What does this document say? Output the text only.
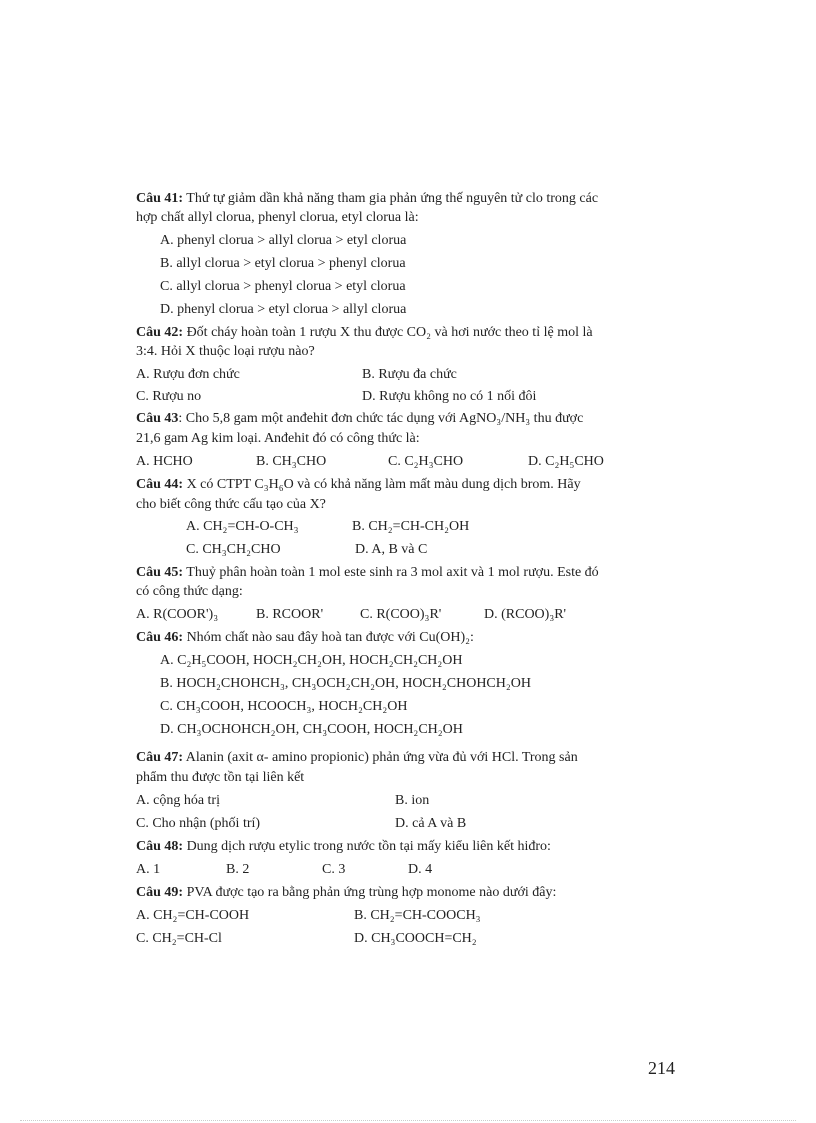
Câu 41: Thứ tự giảm dần khả năng tham gia phản ứng thế nguyên tử clo trong các
hợp chất allyl clorua, phenyl clorua, etyl clorua là:
A. phenyl clorua > allyl clorua > etyl clorua
B. allyl clorua > etyl clorua > phenyl clorua
C. allyl clorua > phenyl clorua > etyl clorua
D. phenyl clorua > etyl clorua > allyl clorua
Câu 42: Đốt cháy hoàn toàn 1 rượu X thu được CO₂ và hơi nước theo tỉ lệ mol là
3:4. Hỏi X thuộc loại rượu nào?
A. Rượu đơn chức	B. Rượu đa chức
C. Rượu no	D. Rượu không no có 1 nối đôi
Câu 43: Cho 5,8 gam một anđehit đơn chức tác dụng với AgNO₃/NH₃ thu được
21,6 gam Ag kim loại. Anđehit đó có công thức là:
A. HCHO	B. CH₃CHO	C. C₂H₃CHO	D. C₂H₅CHO
Câu 44: X có CTPT C₃H₆O và có khả năng làm mất màu dung dịch brom. Hãy
cho biết công thức cấu tạo của X?
A. CH₂=CH-O-CH₃	B. CH₂=CH-CH₂OH
C. CH₃CH₂CHO	D. A, B và C
Câu 45: Thuỷ phân hoàn toàn 1 mol este sinh ra 3 mol axit và 1 mol rượu. Este đó
có công thức dạng:
A. R(COOR')₃	B. RCOOR'	C. R(COO)₃R'	D. (RCOO)₃R'
Câu 46: Nhóm chất nào sau đây hoà tan được với Cu(OH)₂:
A. C₂H₅COOH, HOCH₂CH₂OH, HOCH₂CH₂CH₂OH
B. HOCH₂CHOHCH₃, CH₃OCH₂CH₂OH, HOCH₂CHOHCH₂OH
C. CH₃COOH, HCOOCH₃, HOCH₂CH₂OH
D. CH₃OCHOHCH₂OH, CH₃COOH, HOCH₂CH₂OH
Câu 47: Alanin (axit α- amino propionic) phản ứng vừa đủ với HCl. Trong sản
phẩm thu được tồn tại liên kết
A. cộng hóa trị	B. ion
C. Cho nhận (phối trí)	D. cả A và B
Câu 48: Dung dịch rượu etylic trong nước tồn tại mấy kiểu liên kết hiđro:
A. 1	B. 2	C. 3	D. 4
Câu 49: PVA được tạo ra bằng phản ứng trùng hợp monome nào dưới đây:
A. CH₂=CH-COOH	B. CH₂=CH-COOCH₃
C. CH₂=CH-Cl	D. CH₃COOCH=CH₂
214
